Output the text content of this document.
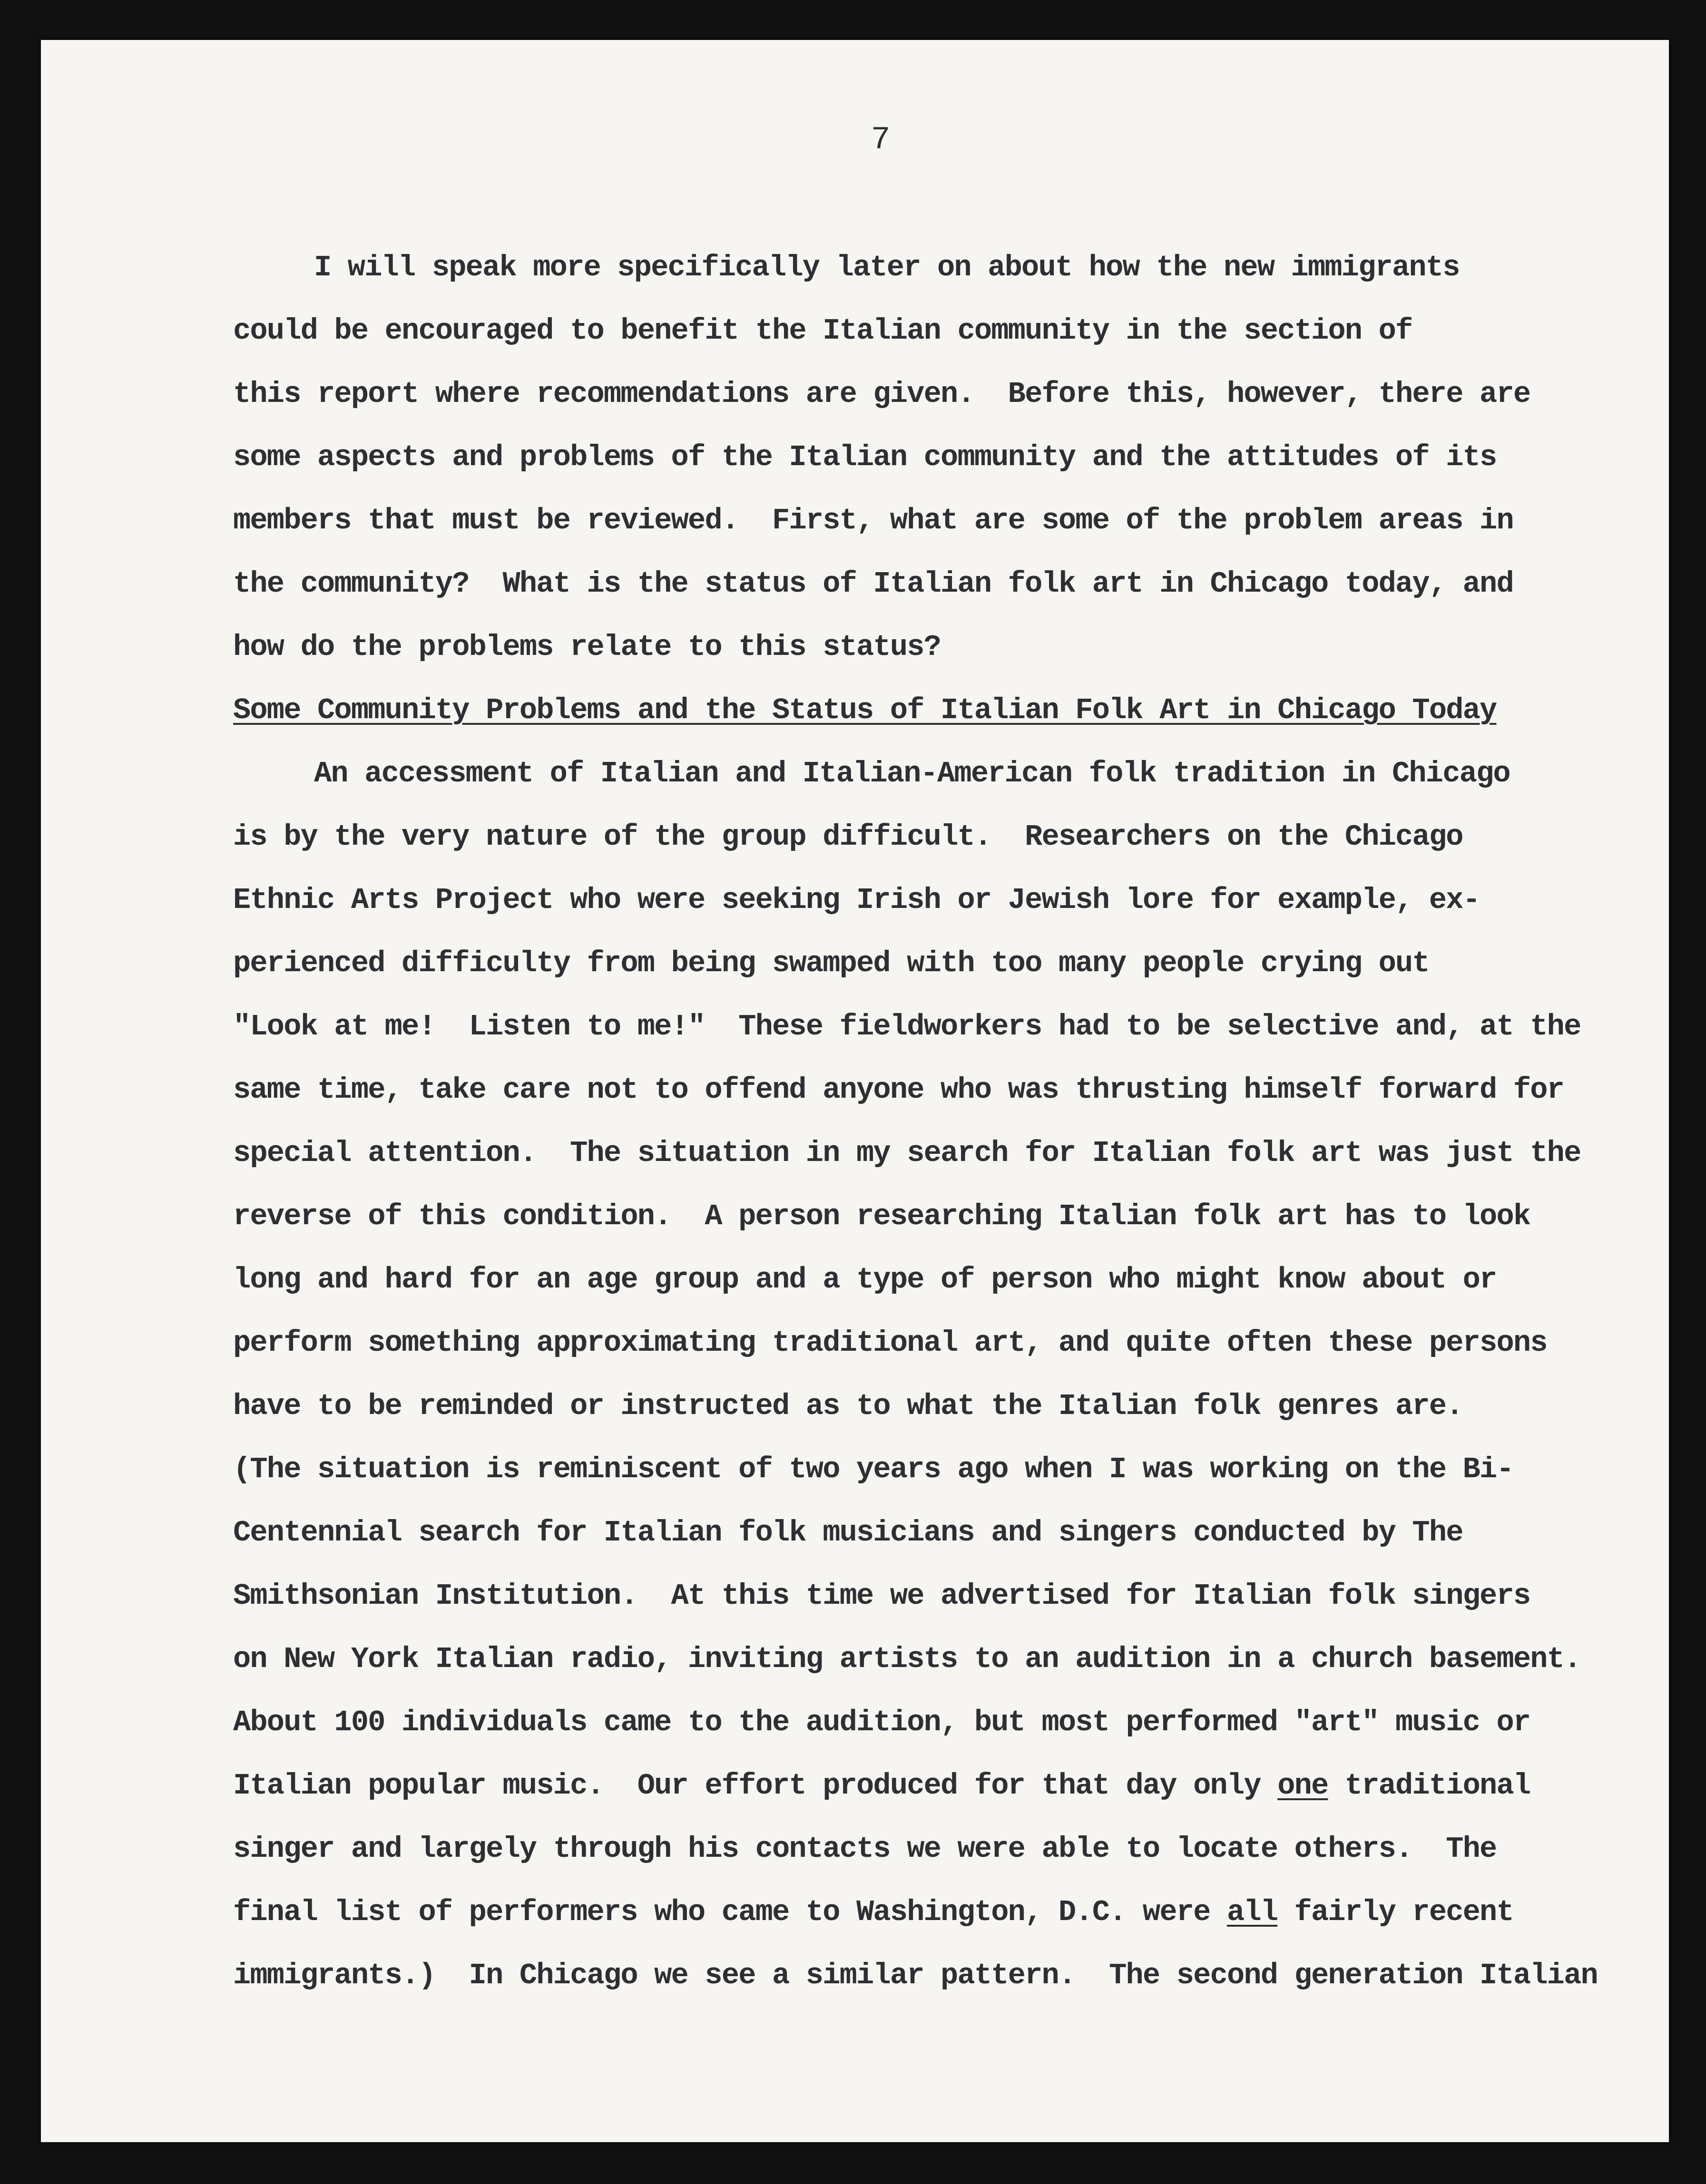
7
I will speak more specifically later on about how the new immigrants
could be encouraged to benefit the Italian community in the section of
this report where recommendations are given.  Before this, however, there are
some aspects and problems of the Italian community and the attitudes of its
members that must be reviewed.  First, what are some of the problem areas in
the community?  What is the status of Italian folk art in Chicago today, and
how do the problems relate to this status?
Some Community Problems and the Status of Italian Folk Art in Chicago Today
An accessment of Italian and Italian-American folk tradition in Chicago
is by the very nature of the group difficult.  Researchers on the Chicago
Ethnic Arts Project who were seeking Irish or Jewish lore for example, ex-
perienced difficulty from being swamped with too many people crying out
"Look at me!  Listen to me!"  These fieldworkers had to be selective and, at the
same time, take care not to offend anyone who was thrusting himself forward for
special attention.  The situation in my search for Italian folk art was just the
reverse of this condition.  A person researching Italian folk art has to look
long and hard for an age group and a type of person who might know about or
perform something approximating traditional art, and quite often these persons
have to be reminded or instructed as to what the Italian folk genres are.
(The situation is reminiscent of two years ago when I was working on the Bi-
Centennial search for Italian folk musicians and singers conducted by The
Smithsonian Institution.  At this time we advertised for Italian folk singers
on New York Italian radio, inviting artists to an audition in a church basement.
About 100 individuals came to the audition, but most performed "art" music or
Italian popular music.  Our effort produced for that day only one traditional
singer and largely through his contacts we were able to locate others.  The
final list of performers who came to Washington, D.C. were all fairly recent
immigrants.)  In Chicago we see a similar pattern.  The second generation Italian
